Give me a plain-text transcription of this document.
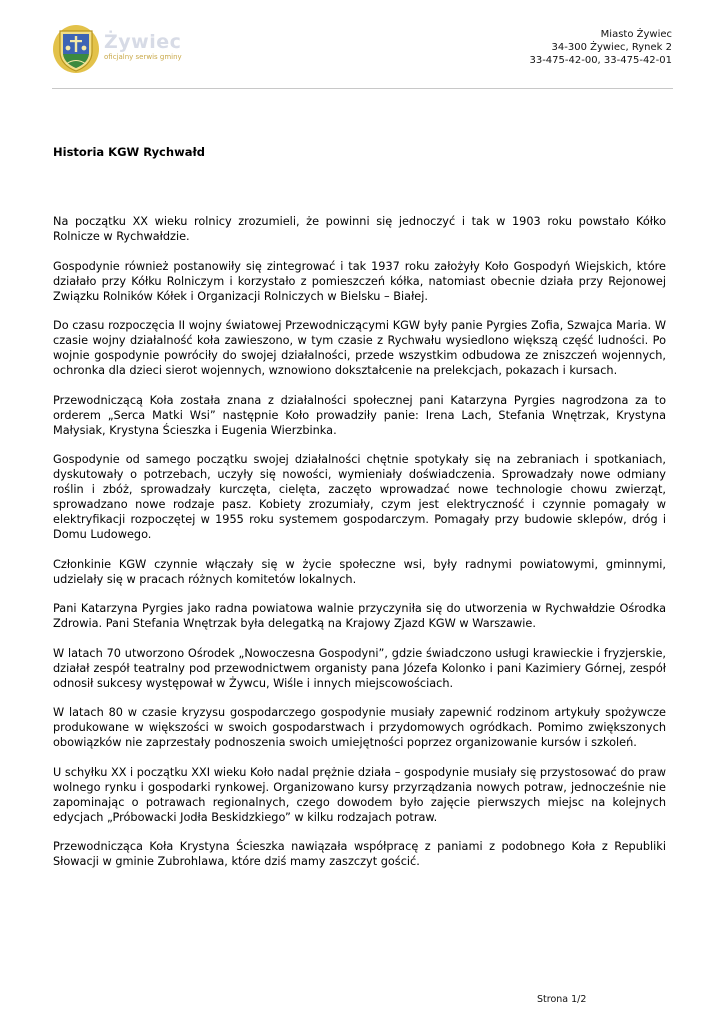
Żywiec
oficjalny serwis gminy
Miasto Żywiec
34-300 Żywiec, Rynek 2
33-475-42-00, 33-475-42-01
Historia KGW Rychwałd

Na początku XX wieku rolnicy zrozumieli, że powinni się jednoczyć i tak w 1903 roku powstało Kółko Rolnicze w Rychwałdzie.

Gospodynie również postanowiły się zintegrować i tak 1937 roku założyły Koło Gospodyń Wiejskich, które działało przy Kółku Rolniczym i korzystało z pomieszczeń kółka, natomiast obecnie działa przy Rejonowej Związku Rolników Kółek i Organizacji Rolniczych w Bielsku – Białej.

Do czasu rozpoczęcia II wojny światowej Przewodniczącymi KGW były panie Pyrgies Zofia, Szwajca Maria. W czasie wojny działalność koła zawieszono, w tym czasie z Rychwału wysiedlono większą część ludności. Po wojnie gospodynie powróciły do swojej działalności, przede wszystkim odbudowa ze zniszczeń wojennych, ochronka dla dzieci sierot wojennych, wznowiono dokształcenie na prelekcjach, pokazach i kursach.

Przewodniczącą Koła została znana z działalności społecznej pani Katarzyna Pyrgies nagrodzona za to orderem „Serca Matki Wsi” następnie Koło prowadziły panie: Irena Lach, Stefania Wnętrzak, Krystyna Małysiak, Krystyna Ścieszka i Eugenia Wierzbinka.

Gospodynie od samego początku swojej działalności chętnie spotykały się na zebraniach i spotkaniach, dyskutowały o potrzebach, uczyły się nowości, wymieniały doświadczenia. Sprowadzały nowe odmiany roślin i zbóż, sprowadzały kurczęta, cielęta, zaczęto wprowadzać nowe technologie chowu zwierząt, sprowadzano nowe rodzaje pasz. Kobiety zrozumiały, czym jest elektryczność i czynnie pomagały w elektryfikacji rozpoczętej w 1955 roku systemem gospodarczym. Pomagały przy budowie sklepów, dróg i Domu Ludowego.

Członkinie KGW czynnie włączały się w życie społeczne wsi, były radnymi powiatowymi, gminnymi, udzielały się w pracach różnych komitetów lokalnych.

Pani Katarzyna Pyrgies jako radna powiatowa walnie przyczyniła się do utworzenia w Rychwałdzie Ośrodka Zdrowia. Pani Stefania Wnętrzak była delegatką na Krajowy Zjazd KGW w Warszawie.

W latach 70 utworzono Ośrodek „Nowoczesna Gospodyni”, gdzie świadczono usługi krawieckie i fryzjerskie, działał zespół teatralny pod przewodnictwem organisty pana Józefa Kolonko i pani Kazimiery Górnej, zespół odnosił sukcesy występował w Żywcu, Wiśle i innych miejscowościach.

W latach 80 w czasie kryzysu gospodarczego gospodynie musiały zapewnić rodzinom artykuły spożywcze produkowane w większości w swoich gospodarstwach i przydomowych ogródkach. Pomimo zwiększonych obowiązków nie zaprzestały podnoszenia swoich umiejętności poprzez organizowanie kursów i szkoleń.

U schyłku XX i początku XXI wieku Koło nadal prężnie działa – gospodynie musiały się przystosować do praw wolnego rynku i gospodarki rynkowej. Organizowano kursy przyrządzania nowych potraw, jednocześnie nie zapominając o potrawach regionalnych, czego dowodem było zajęcie pierwszych miejsc na kolejnych edycjach „Próbowacki Jodła Beskidzkiego” w kilku rodzajach potraw.

Przewodnicząca Koła Krystyna Ścieszka nawiązała współpracę z paniami z podobnego Koła z Republiki Słowacji w gminie Zubrohlawa, które dziś mamy zaszczyt gościć.

Strona 1/2
